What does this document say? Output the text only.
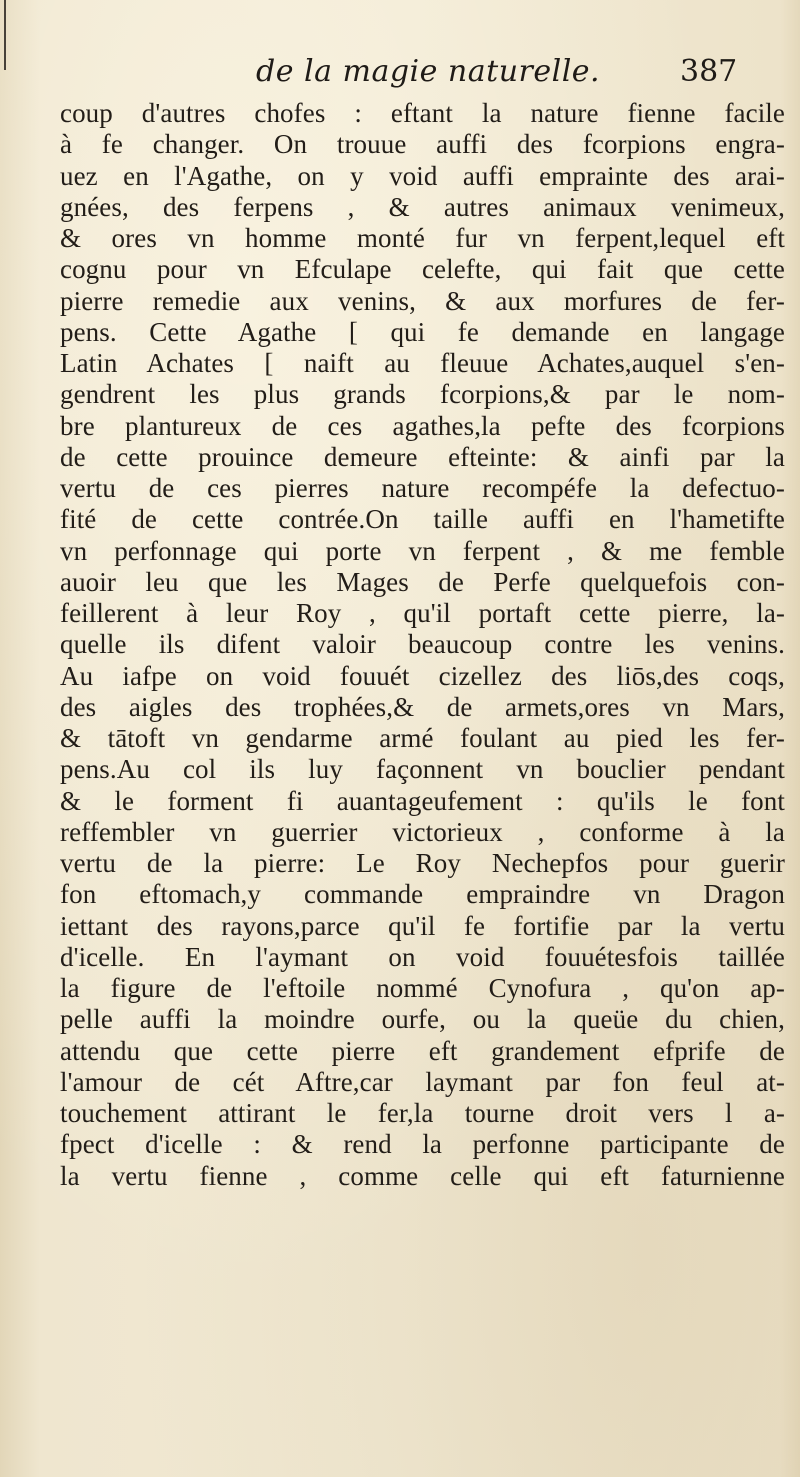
de la magie naturelle.	387
coup d'autres chofes : eftant la nature fienne facile
à fe changer. On trouue auffi des fcorpions engra-
uez en l'Agathe, on y void auffi emprainte des arai-
gnées, des ferpens , & autres animaux venimeux,
& ores vn homme monté fur vn ferpent,lequel eft
cognu pour vn Efculape celefte, qui fait que cette
pierre remedie aux venins, & aux morfures de fer-
pens. Cette Agathe [ qui fe demande en langage
Latin Achates [ naift au fleuue Achates,auquel s'en-
gendrent les plus grands fcorpions,& par le nom-
bre plantureux de ces agathes,la pefte des fcorpions
de cette prouince demeure efteinte: & ainfi par la
vertu de ces pierres nature recompéfe la defectuo-
fité de cette contrée.On taille auffi en l'hametifte
vn perfonnage qui porte vn ferpent , & me femble
auoir leu que les Mages de Perfe quelquefois con-
feillerent à leur Roy , qu'il portaft cette pierre, la-
quelle ils difent valoir beaucoup contre les venins.
Au iafpe on void fouuét cizellez des liōs,des coqs,
des aigles des trophées,& de armets,ores vn Mars,
& tātoft vn gendarme armé foulant au pied les fer-
pens.Au col ils luy façonnent vn bouclier pendant
& le forment fi auantageufement : qu'ils le font
reffembler vn guerrier victorieux , conforme à la
vertu de la pierre: Le Roy Nechepfos pour guerir
fon eftomach,y commande empraindre vn Dragon
iettant des rayons,parce qu'il fe fortifie par la vertu
d'icelle. En l'aymant on void fouuétesfois taillée
la figure de l'eftoile nommé Cynofura , qu'on ap-
pelle auffi la moindre ourfe, ou la queüe du chien,
attendu que cette pierre eft grandement efprife de
l'amour de cét Aftre,car laymant par fon feul at-
touchement attirant le fer,la tourne droit vers l a-
fpect d'icelle : & rend la perfonne participante de
la vertu fienne , comme celle qui eft faturnienne
